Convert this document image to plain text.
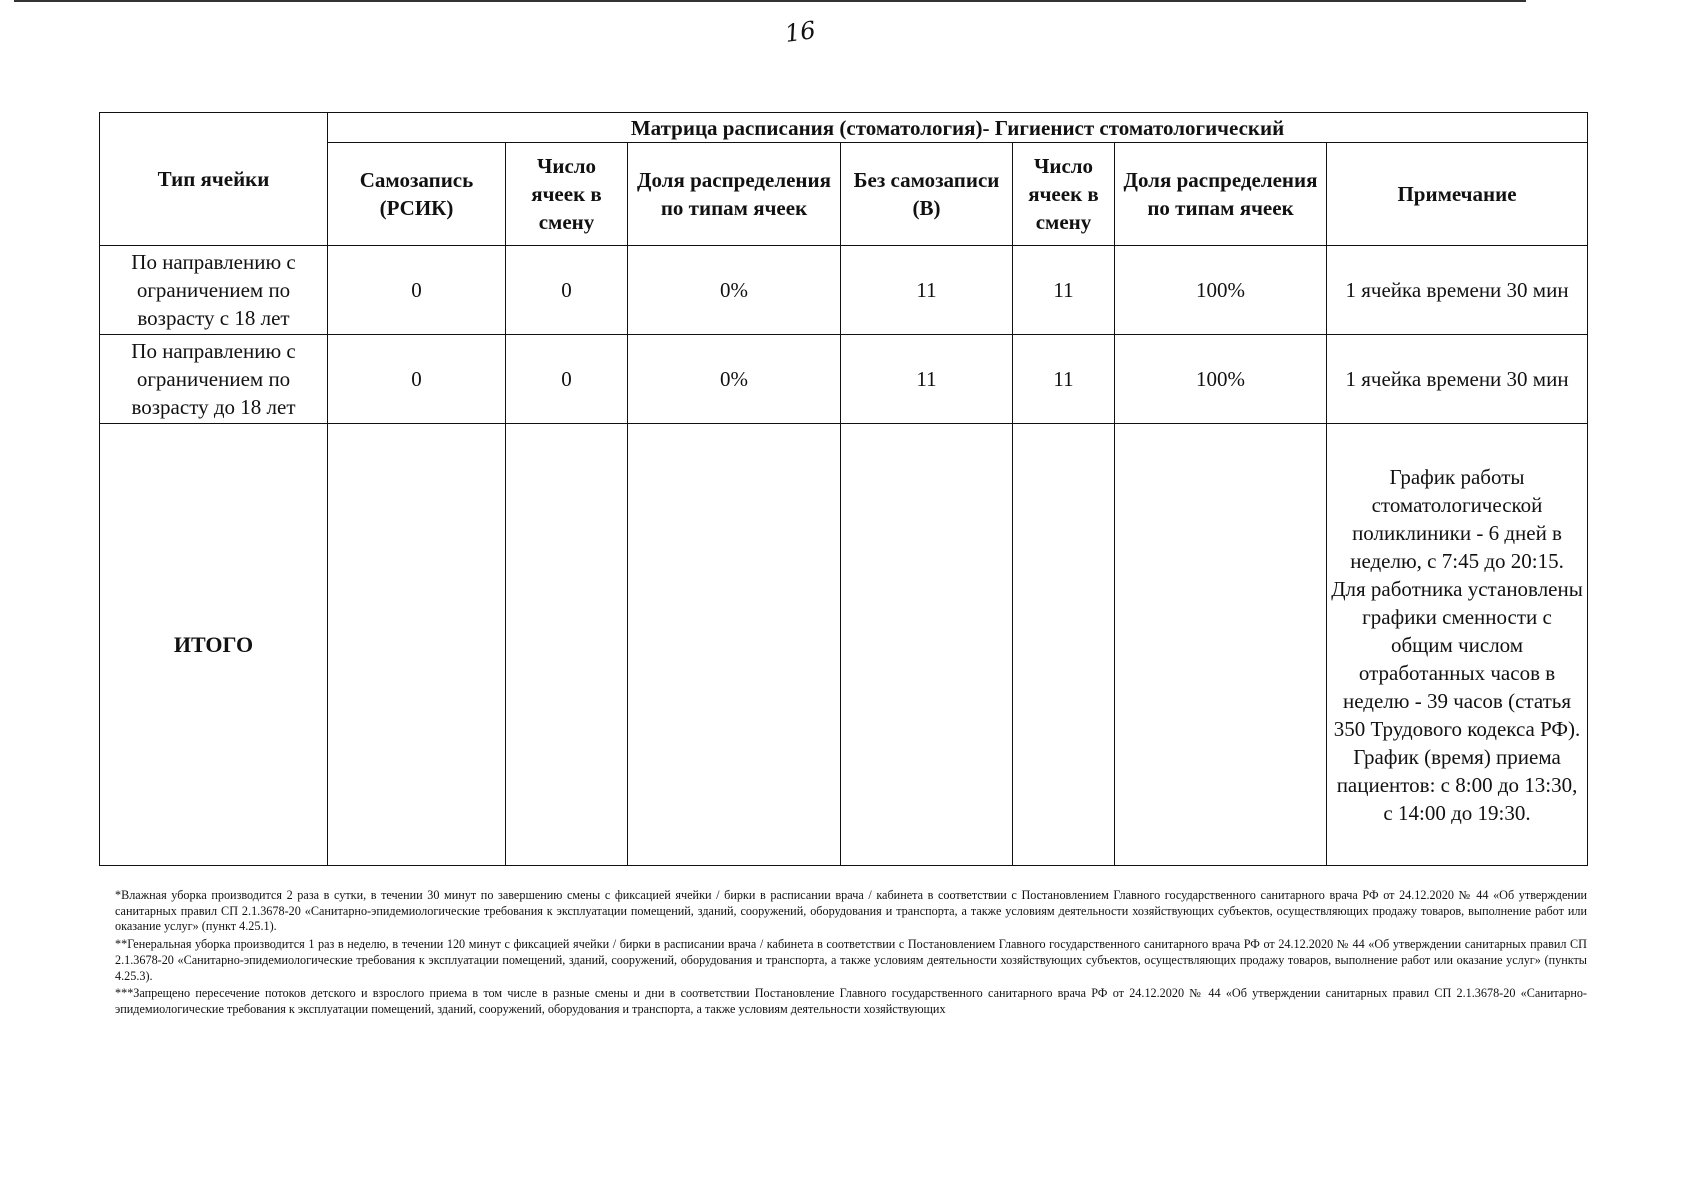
16
Тип ячейки	Матрица расписания (стоматология)- Гигиенист стоматологический						
	Самозапись (РСИК)	Число ячеек в смену	Доля распределения по типам ячеек	Без самозаписи (В)	Число ячеек в смену	Доля распределения по типам ячеек	Примечание
По направлению с ограничением по возрасту с 18 лет	0	0	0%	11	11	100%	1 ячейка времени 30 мин
По направлению с ограничением по возрасту до 18 лет	0	0	0%	11	11	100%	1 ячейка времени 30 мин
ИТОГО							График работы стоматологической поликлиники - 6 дней в неделю, с 7:45 до 20:15. Для работника установлены графики сменности с общим числом отработанных часов в неделю - 39 часов (статья 350 Трудового кодекса РФ). График (время) приема пациентов: с 8:00 до 13:30, с 14:00 до 19:30.

*Влажная уборка производится 2 раза в сутки, в течении 30 минут по завершению смены с фиксацией ячейки / бирки в расписании врача / кабинета в соответствии с Постановлением Главного государственного санитарного врача РФ от 24.12.2020 № 44 «Об утверждении санитарных правил СП 2.1.3678-20 «Санитарно-эпидемиологические требования к эксплуатации помещений, зданий, сооружений, оборудования и транспорта, а также условиям деятельности хозяйствующих субъектов, осуществляющих продажу товаров, выполнение работ или оказание услуг» (пункт 4.25.1).

**Генеральная уборка производится 1 раз в неделю, в течении 120 минут с фиксацией ячейки / бирки в расписании врача / кабинета в соответствии с Постановлением Главного государственного санитарного врача РФ от 24.12.2020 № 44 «Об утверждении санитарных правил СП 2.1.3678-20 «Санитарно-эпидемиологические требования к эксплуатации помещений, зданий, сооружений, оборудования и транспорта, а также условиям деятельности хозяйствующих субъектов, осуществляющих продажу товаров, выполнение работ или оказание услуг» (пункты 4.25.3).

***Запрещено пересечение потоков детского и взрослого приема в том числе в разные смены и дни в соответствии Постановление Главного государственного санитарного врача РФ от 24.12.2020 № 44 «Об утверждении санитарных правил СП 2.1.3678-20 «Санитарно-эпидемиологические требования к эксплуатации помещений, зданий, сооружений, оборудования и транспорта, а также условиям деятельности хозяйствующих
